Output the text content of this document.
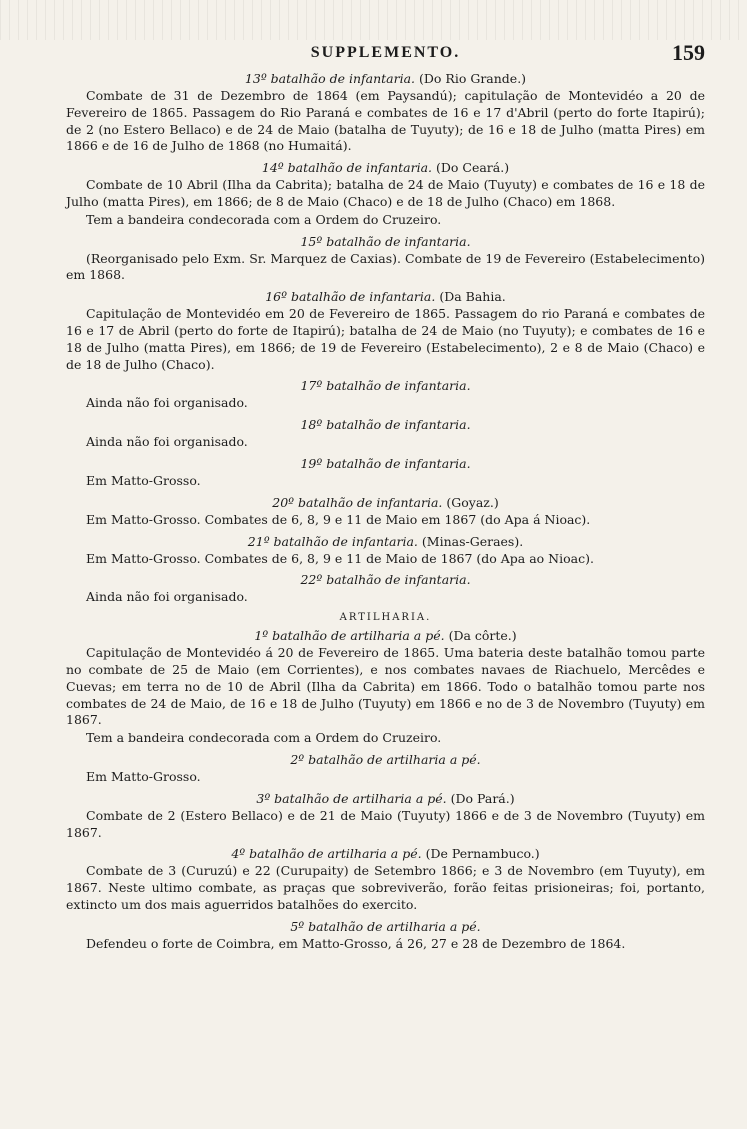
SUPPLEMENTO.	159
13º batalhão de infantaria. (Do Rio Grande.)

Combate de 31 de Dezembro de 1864 (em Paysandú); capitulação de Montevidéo a 20 de Fevereiro de 1865. Passagem do Rio Paraná e combates de 16 e 17 d'Abril (perto do forte Itapirú); de 2 (no Estero Bellaco) e de 24 de Maio (batalha de Tuyuty); de 16 e 18 de Julho (matta Pires) em 1866 e de 16 de Julho de 1868 (no Humaitá).

14º batalhão de infantaria. (Do Ceará.)

Combate de 10 Abril (Ilha da Cabrita); batalha de 24 de Maio (Tuyuty) e combates de 16 e 18 de Julho (matta Pires), em 1866; de 8 de Maio (Chaco) e de 18 de Julho (Chaco) em 1868.

Tem a bandeira condecorada com a Ordem do Cruzeiro.

15º batalhão de infantaria.

(Reorganisado pelo Exm. Sr. Marquez de Caxias). Combate de 19 de Fevereiro (Estabelecimento) em 1868.

16º batalhão de infantaria. (Da Bahia.

Capitulação de Montevidéo em 20 de Fevereiro de 1865. Passagem do rio Paraná e combates de 16 e 17 de Abril (perto do forte de Itapirú); batalha de 24 de Maio (no Tuyuty); e combates de 16 e 18 de Julho (matta Pires), em 1866; de 19 de Fevereiro (Estabelecimento), 2 e 8 de Maio (Chaco) e de 18 de Julho (Chaco).

17º batalhão de infantaria.

Ainda não foi organisado.

18º batalhão de infantaria.

Ainda não foi organisado.

19º batalhão de infantaria.

Em Matto-Grosso.

20º batalhão de infantaria. (Goyaz.)

Em Matto-Grosso. Combates de 6, 8, 9 e 11 de Maio em 1867 (do Apa á Nioac).

21º batalhão de infantaria. (Minas-Geraes).

Em Matto-Grosso. Combates de 6, 8, 9 e 11 de Maio de 1867 (do Apa ao Nioac).

22º batalhão de infantaria.

Ainda não foi organisado.

ARTILHARIA.
1º batalhão de artilharia a pé. (Da côrte.)

Capitulação de Montevidéo á 20 de Fevereiro de 1865. Uma bateria deste batalhão tomou parte no combate de 25 de Maio (em Corrientes), e nos combates navaes de Riachuelo, Mercêdes e Cuevas; em terra no de 10 de Abril (Ilha da Cabrita) em 1866. Todo o batalhão tomou parte nos combates de 24 de Maio, de 16 e 18 de Julho (Tuyuty) em 1866 e no de 3 de Novembro (Tuyuty) em 1867.

Tem a bandeira condecorada com a Ordem do Cruzeiro.

2º batalhão de artilharia a pé.

Em Matto-Grosso.

3º batalhão de artilharia a pé. (Do Pará.)

Combate de 2 (Estero Bellaco) e de 21 de Maio (Tuyuty) 1866 e de 3 de Novembro (Tuyuty) em 1867.

4º batalhão de artilharia a pé. (De Pernambuco.)

Combate de 3 (Curuzú) e 22 (Curupaity) de Setembro 1866; e 3 de Novembro (em Tuyuty), em 1867. Neste ultimo combate, as praças que sobreviverão, forão feitas prisioneiras; foi, portanto, extincto um dos mais aguerridos batalhões do exercito.

5º batalhão de artilharia a pé.

Defendeu o forte de Coimbra, em Matto-Grosso, á 26, 27 e 28 de Dezembro de 1864.
